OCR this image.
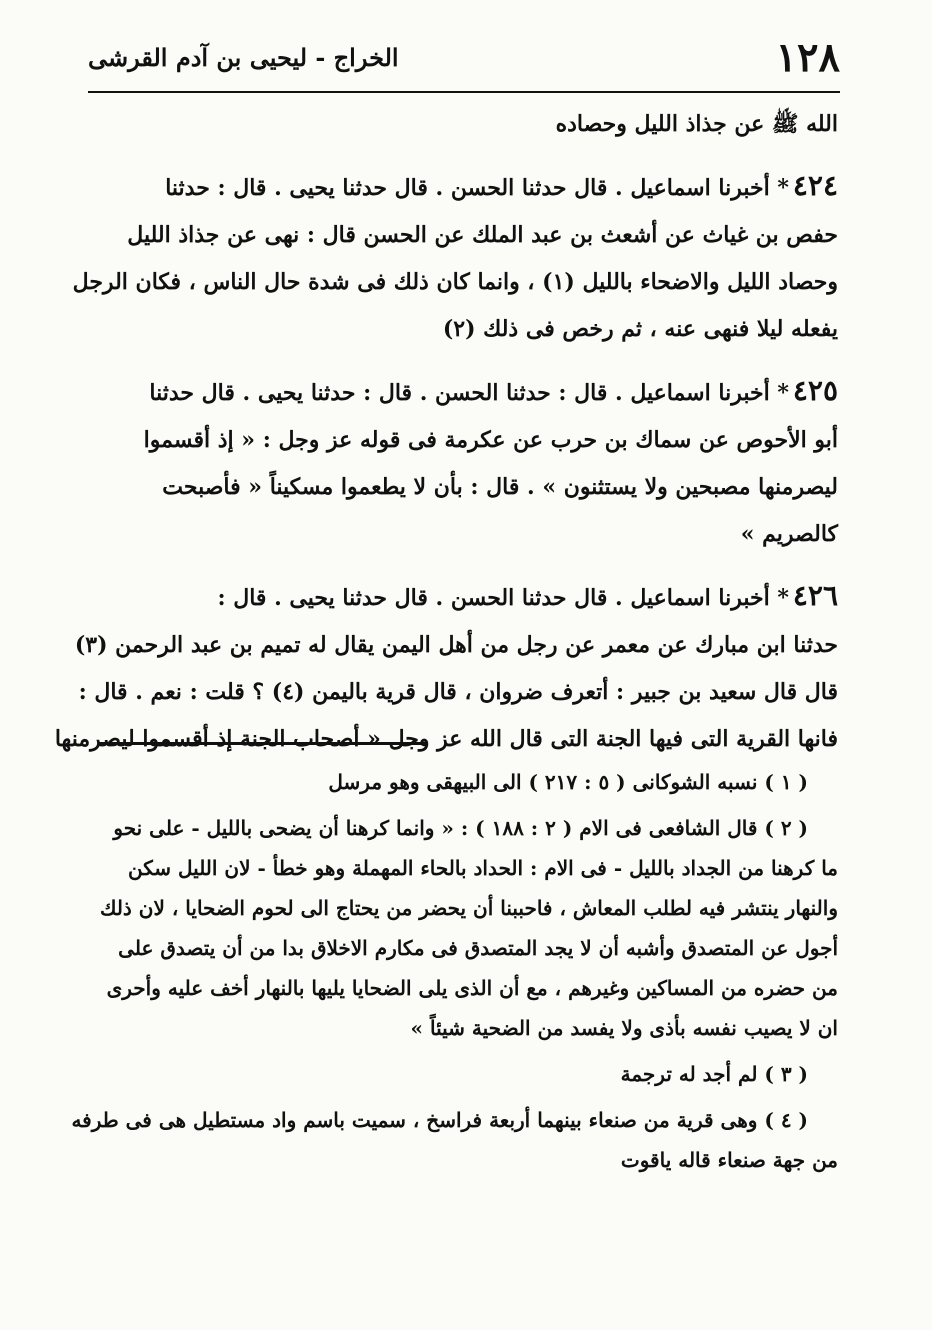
١٢٨
الخراج - ليحيى بن آدم القرشى
الله ﷺ عن جذاذ الليل وحصاده
٤٢٤* أخبرنا اسماعيل . قال حدثنا الحسن . قال حدثنا يحيى . قال : حدثنا
حفص بن غياث عن أشعث بن عبد الملك عن الحسن قال : نهى عن جذاذ الليل
وحصاد الليل والاضحاء بالليل (١) ، وانما كان ذلك فى شدة حال الناس ، فكان الرجل
يفعله ليلا فنهى عنه ، ثم رخص فى ذلك (٢)
٤٢٥* أخبرنا اسماعيل . قال : حدثنا الحسن . قال : حدثنا يحيى . قال حدثنا
أبو الأحوص عن سماك بن حرب عن عكرمة فى قوله عز وجل : « إذ أقسموا
ليصرمنها مصبحين ولا يستثنون » . قال : بأن لا يطعموا مسكيناً « فأصبحت
كالصريم »
٤٢٦* أخبرنا اسماعيل . قال حدثنا الحسن . قال حدثنا يحيى . قال :
حدثنا ابن مبارك عن معمر عن رجل من أهل اليمن يقال له تميم بن عبد الرحمن (٣)
قال قال سعيد بن جبير : أتعرف ضروان ، قال قرية باليمن (٤) ؟ قلت : نعم . قال :
فانها القرية التى فيها الجنة التى قال الله عز وجل « أصحاب الجنة إذ أقسموا ليصرمنها
( ١ ) نسبه الشوكانى ( ٥ : ٢١٧ ) الى البيهقى وهو مرسل
( ٢ ) قال الشافعى فى الام ( ٢ : ١٨٨ ) : « وانما كرهنا أن يضحى بالليل - على نحو
ما كرهنا من الجداد بالليل - فى الام : الحداد بالحاء المهملة وهو خطأ - لان الليل سكن
والنهار ينتشر فيه لطلب المعاش ، فاحببنا أن يحضر من يحتاج الى لحوم الضحايا ، لان ذلك
أجول عن المتصدق وأشبه أن لا يجد المتصدق فى مكارم الاخلاق بدا من أن يتصدق على
من حضره من المساكين وغيرهم ، مع أن الذى يلى الضحايا يليها بالنهار أخف عليه وأحرى
ان لا يصيب نفسه بأذى ولا يفسد من الضحية شيئاً »
( ٣ ) لم أجد له ترجمة
( ٤ ) وهى قرية من صنعاء بينهما أربعة فراسخ ، سميت باسم واد مستطيل هى فى طرفه
من جهة صنعاء قاله ياقوت
